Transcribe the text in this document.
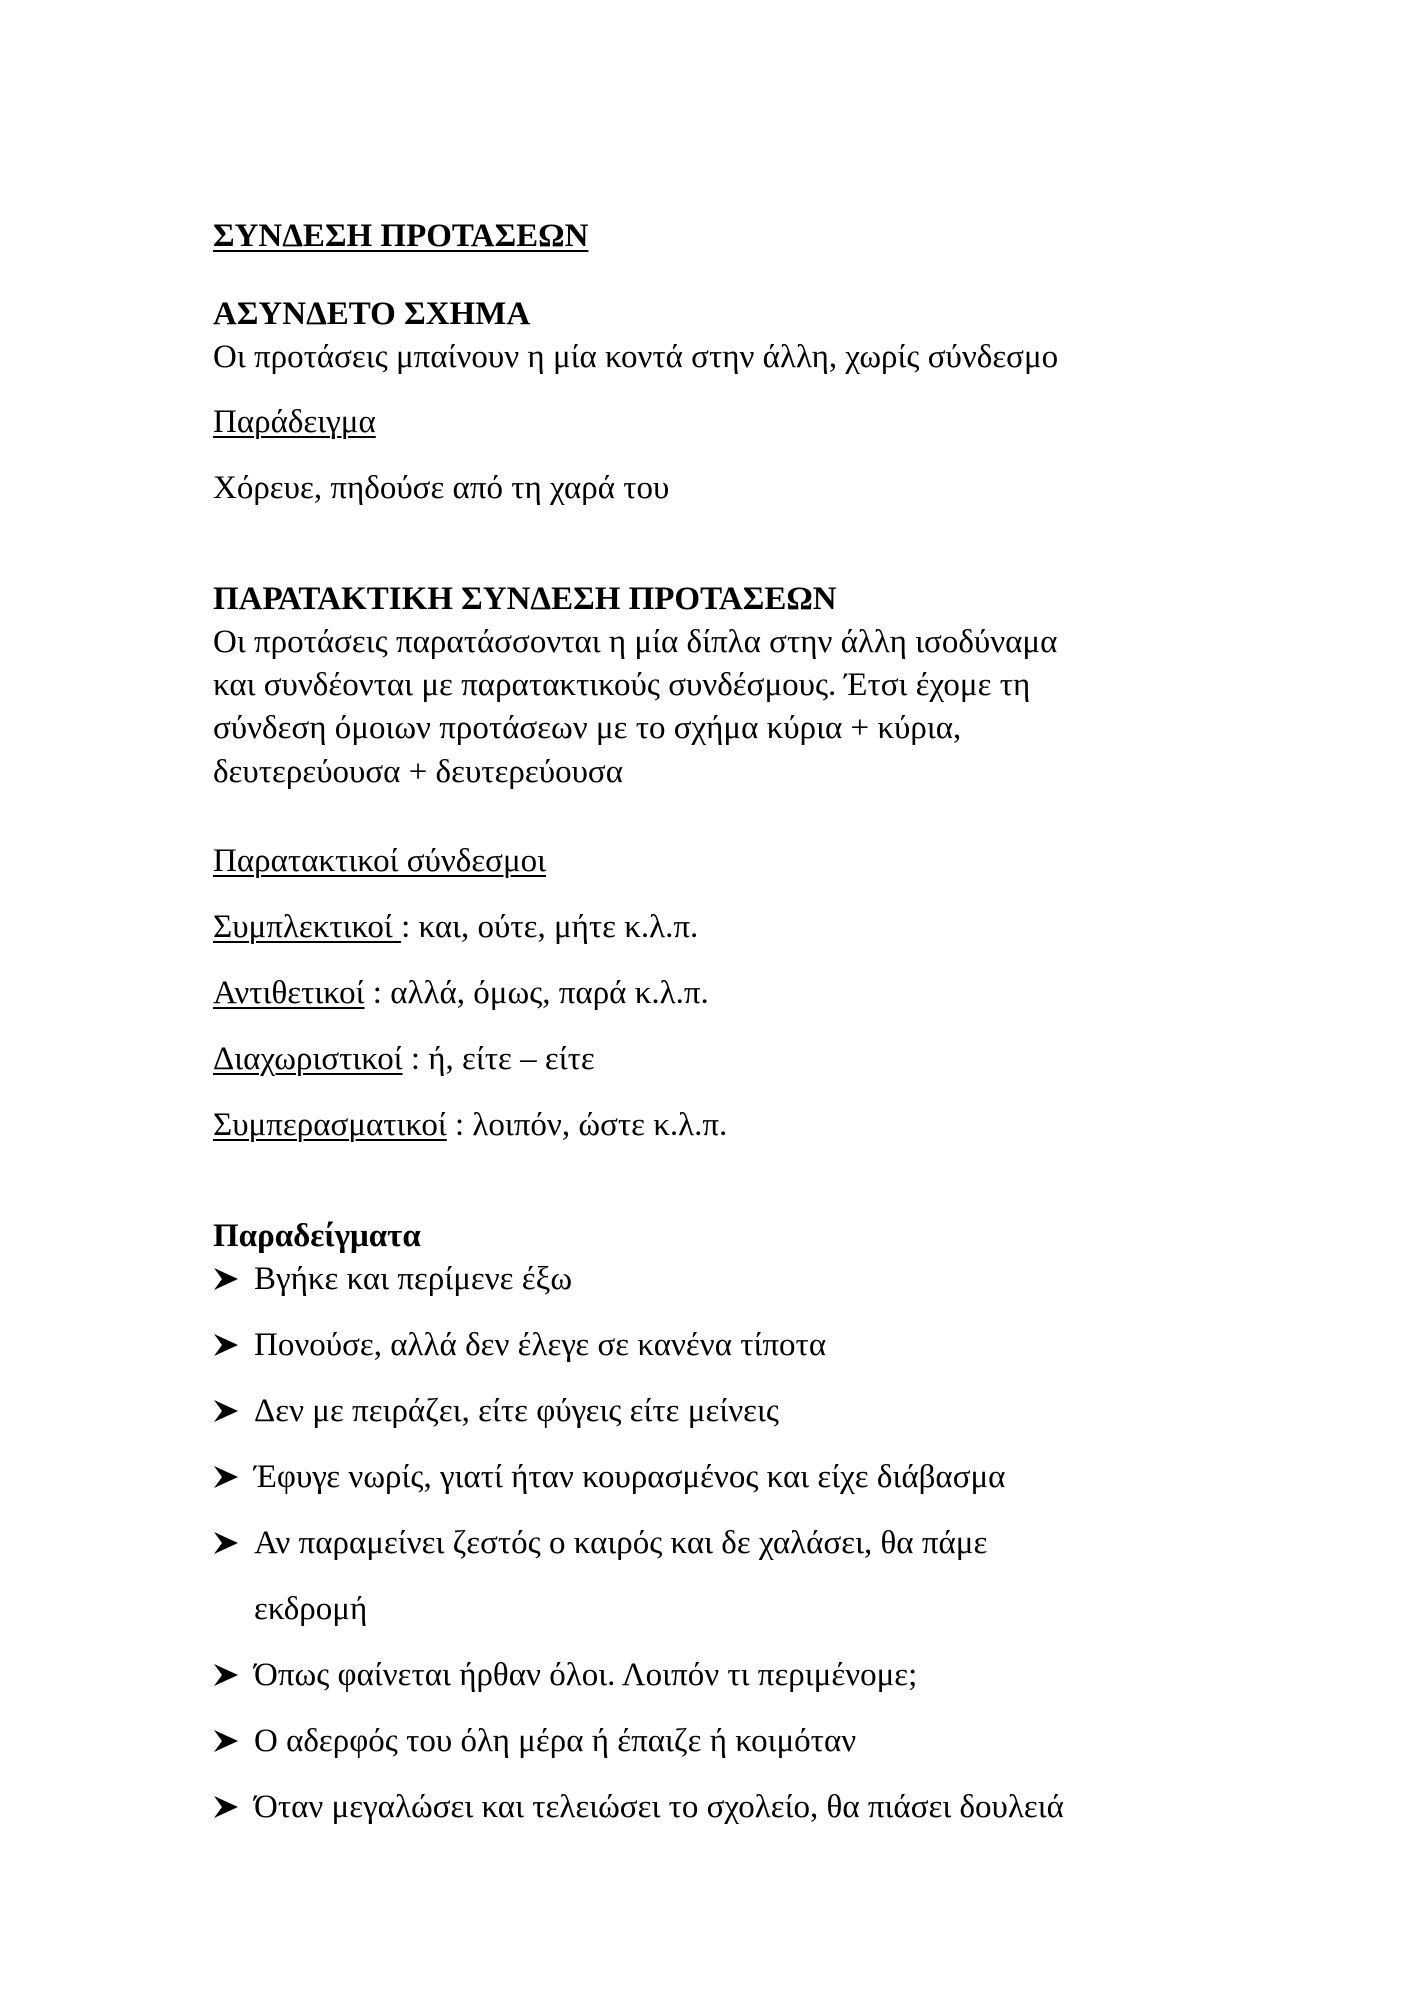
ΣΥΝΔΕΣΗ ΠΡΟΤΑΣΕΩΝ
ΑΣΥΝΔΕΤΟ ΣΧΗΜΑ
Οι προτάσεις μπαίνουν η μία κοντά στην άλλη, χωρίς σύνδεσμο
Παράδειγμα
Χόρευε, πηδούσε από τη χαρά του
ΠΑΡΑΤΑΚΤΙΚΗ ΣΥΝΔΕΣΗ ΠΡΟΤΑΣΕΩΝ
Οι προτάσεις παρατάσσονται η μία δίπλα στην άλλη ισοδύναμα
και συνδέονται με παρατακτικούς συνδέσμους. Έτσι έχομε τη
σύνδεση όμοιων προτάσεων με το σχήμα κύρια + κύρια,
δευτερεύουσα + δευτερεύουσα
Παρατακτικοί σύνδεσμοι
Συμπλεκτικοί : και, ούτε, μήτε κ.λ.π.
Αντιθετικοί : αλλά, όμως, παρά κ.λ.π.
Διαχωριστικοί : ή, είτε – είτε
Συμπερασματικοί : λοιπόν, ώστε κ.λ.π.
Παραδείγματα
Βγήκε και περίμενε έξω
Πονούσε, αλλά δεν έλεγε σε κανένα τίποτα
Δεν με πειράζει, είτε φύγεις είτε μείνεις
Έφυγε νωρίς, γιατί ήταν κουρασμένος και είχε διάβασμα
Αν παραμείνει ζεστός ο καιρός και δε χαλάσει, θα πάμε
εκδρομή
Όπως φαίνεται ήρθαν όλοι. Λοιπόν τι περιμένομε;
Ο αδερφός του όλη μέρα ή έπαιζε ή κοιμόταν
Όταν μεγαλώσει και τελειώσει το σχολείο, θα πιάσει δουλειά
